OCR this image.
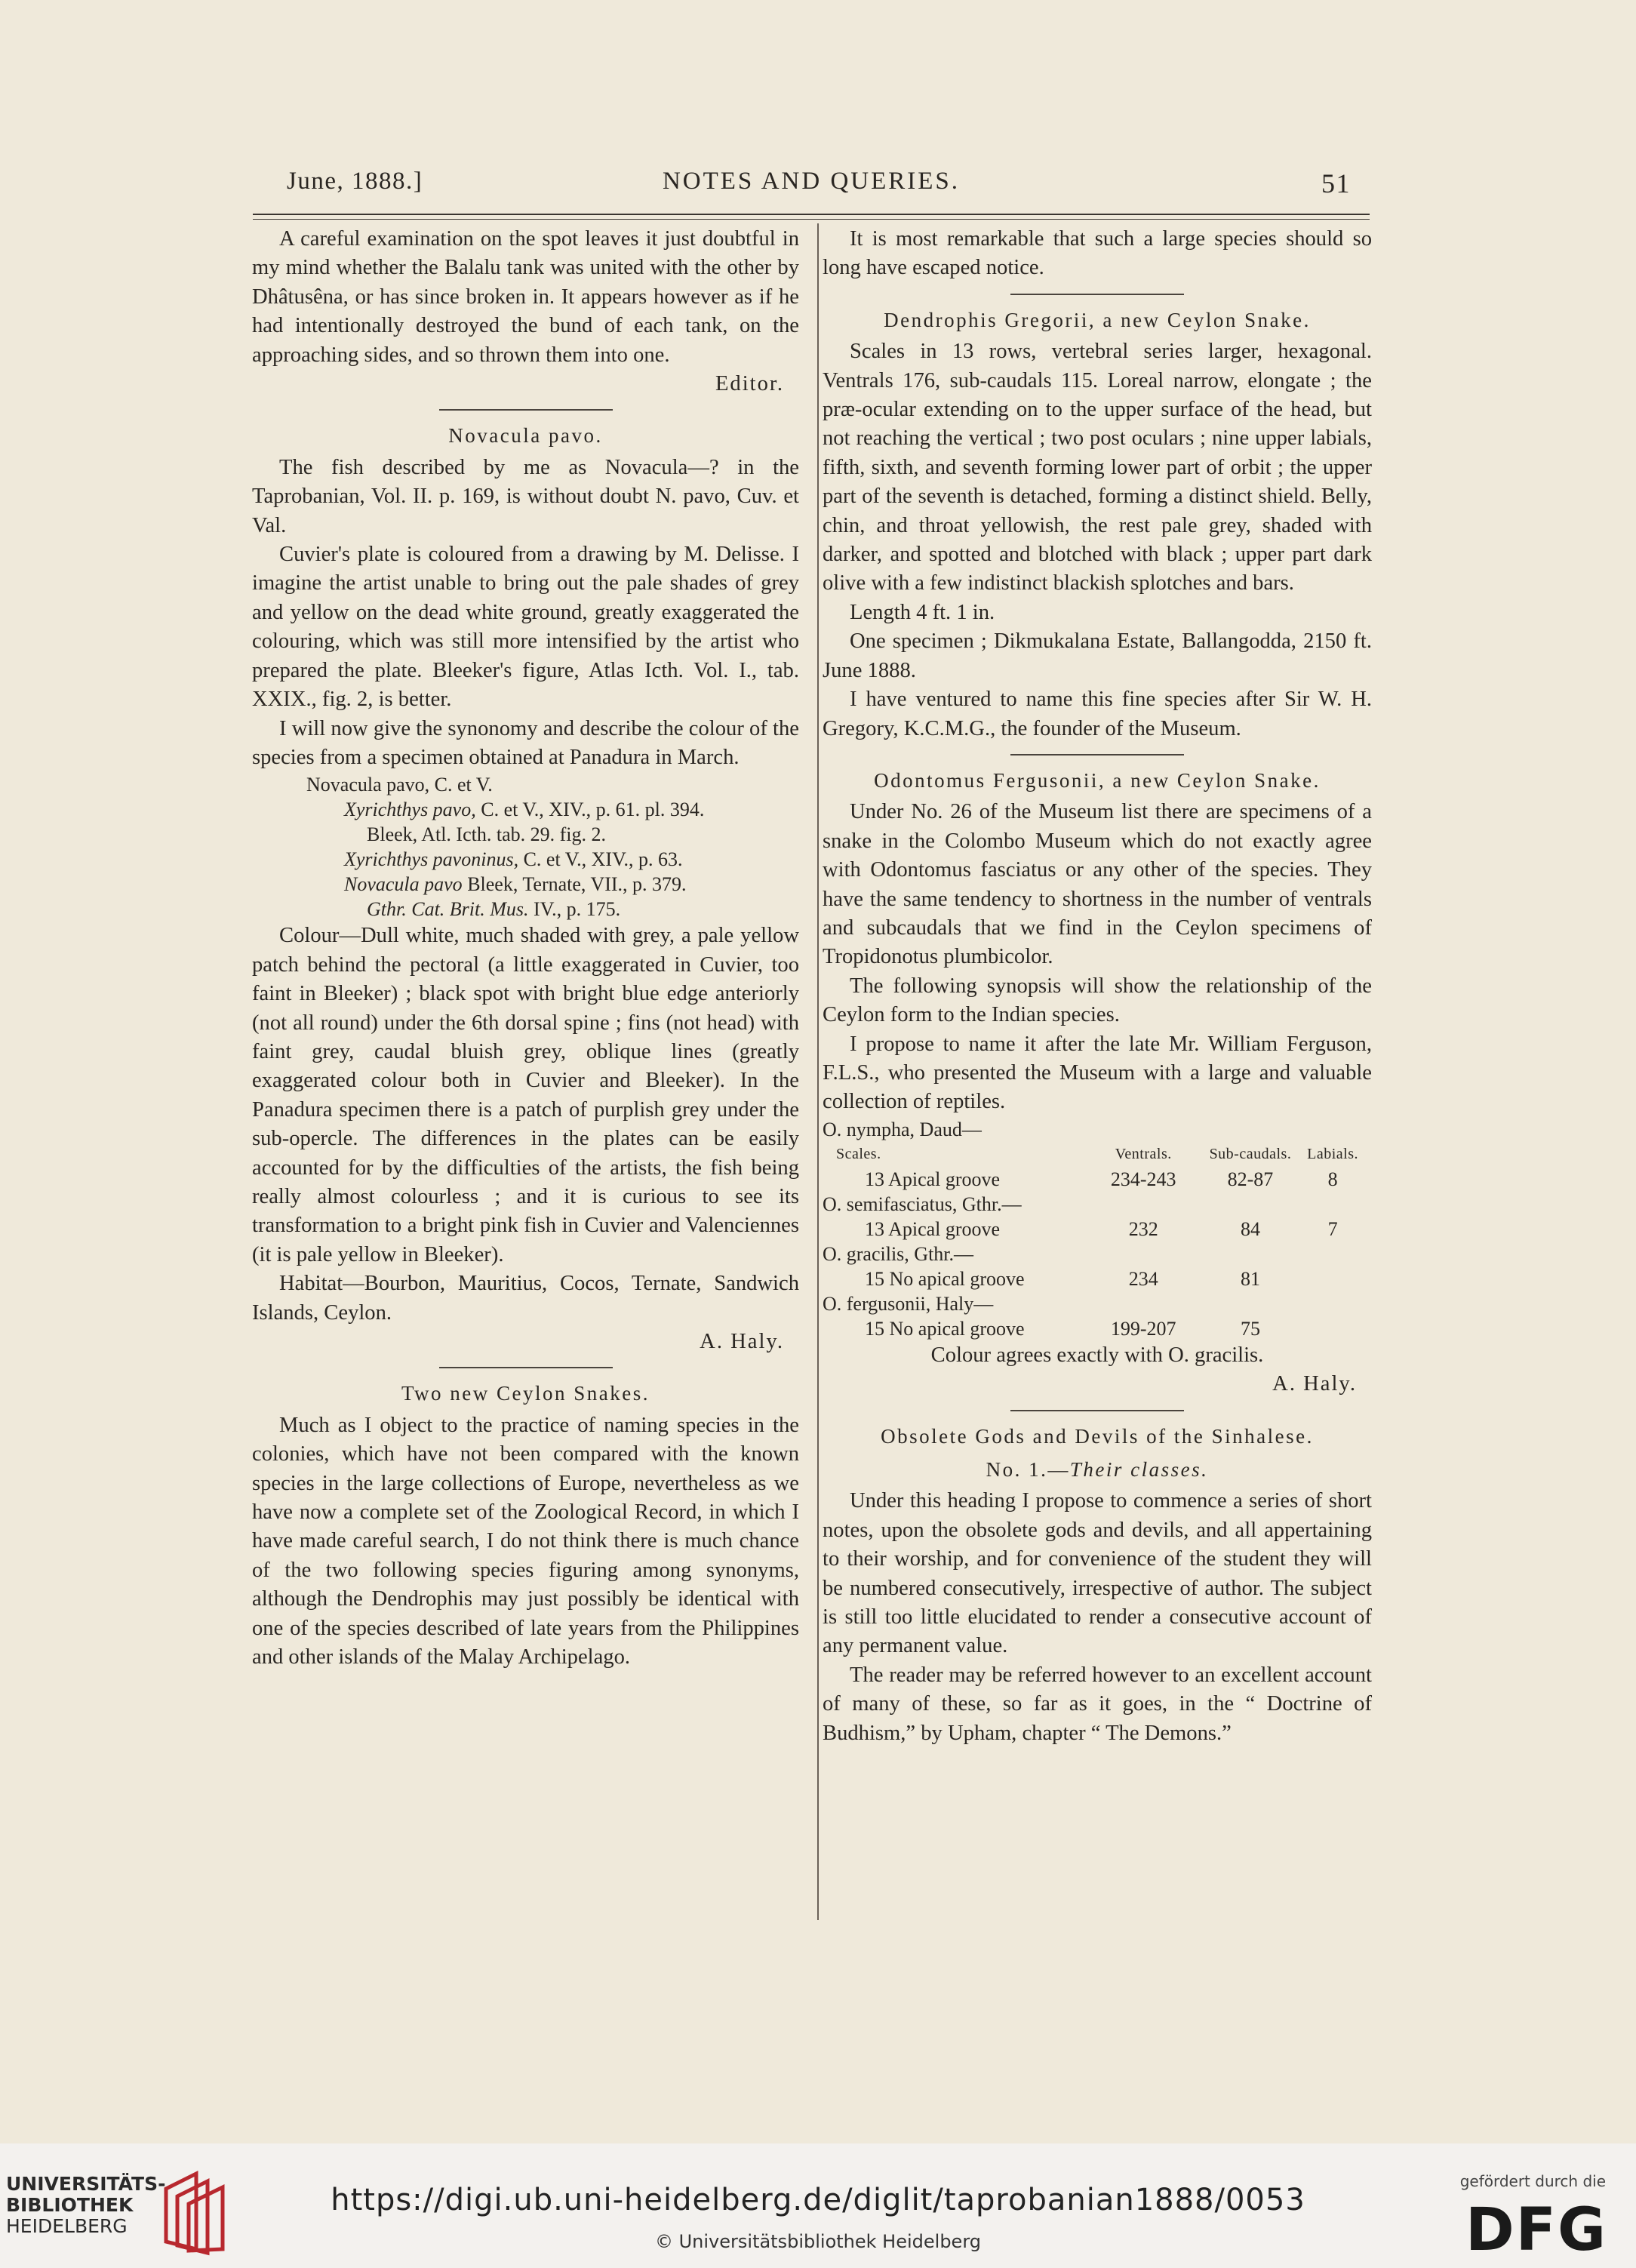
June, 1888.]	NOTES AND QUERIES.	51

A careful examination on the spot leaves it just doubtful in my mind whether the Balalu tank was united with the other by Dhâtusêna, or has since broken in. It appears however as if he had intentionally destroyed the bund of each tank, on the approaching sides, and so thrown them into one.

Editor.
Novacula pavo.

The fish described by me as Novacula—? in the Taprobanian, Vol. II. p. 169, is without doubt N. pavo, Cuv. et Val.

Cuvier's plate is coloured from a drawing by M. Delisse. I imagine the artist unable to bring out the pale shades of grey and yellow on the dead white ground, greatly exaggerated the colouring, which was still more intensified by the artist who prepared the plate. Bleeker's figure, Atlas Icth. Vol. I., tab. XXIX., fig. 2, is better.

I will now give the synonomy and describe the colour of the species from a specimen obtained at Panadura in March.

Novacula pavo, C. et V.

Xyrichthys pavo, C. et V., XIV., p. 61. pl. 394.

Bleek, Atl. Icth. tab. 29. fig. 2.

Xyrichthys pavoninus, C. et V., XIV., p. 63.

Novacula pavo Bleek, Ternate, VII., p. 379.

Gthr. Cat. Brit. Mus. IV., p. 175.

Colour—Dull white, much shaded with grey, a pale yellow patch behind the pectoral (a little exaggerated in Cuvier, too faint in Bleeker) ; black spot with bright blue edge anteriorly (not all round) under the 6th dorsal spine ; fins (not head) with faint grey, caudal bluish grey, oblique lines (greatly exaggerated colour both in Cuvier and Bleeker). In the Panadura specimen there is a patch of purplish grey under the sub-opercle. The differences in the plates can be easily accounted for by the difficulties of the artists, the fish being really almost colourless ; and it is curious to see its transformation to a bright pink fish in Cuvier and Valenciennes (it is pale yellow in Bleeker).

Habitat—Bourbon, Mauritius, Cocos, Ternate, Sandwich Islands, Ceylon.

A. Haly.
Two new Ceylon Snakes.

Much as I object to the practice of naming species in the colonies, which have not been compared with the known species in the large collections of Europe, nevertheless as we have now a complete set of the Zoological Record, in which I have made careful search, I do not think there is much chance of the two following species figuring among synonyms, although the Dendrophis may just possibly be identical with one of the species described of late years from the Philippines and other islands of the Malay Archipelago.

It is most remarkable that such a large species should so long have escaped notice.

Dendrophis Gregorii, a new Ceylon Snake.

Scales in 13 rows, vertebral series larger, hexagonal. Ventrals 176, sub-caudals 115. Loreal narrow, elongate ; the præ-ocular extending on to the upper surface of the head, but not reaching the vertical ; two post oculars ; nine upper labials, fifth, sixth, and seventh forming lower part of orbit ; the upper part of the seventh is detached, forming a distinct shield. Belly, chin, and throat yellowish, the rest pale grey, shaded with darker, and spotted and blotched with black ; upper part dark olive with a few indistinct blackish splotches and bars.

Length 4 ft. 1 in.

One specimen ; Dikmukalana Estate, Ballangodda, 2150 ft. June 1888.

I have ventured to name this fine species after Sir W. H. Gregory, K.C.M.G., the founder of the Museum.

Odontomus Fergusonii, a new Ceylon Snake.

Under No. 26 of the Museum list there are specimens of a snake in the Colombo Museum which do not exactly agree with Odontomus fasciatus or any other of the species. They have the same tendency to shortness in the number of ventrals and subcaudals that we find in the Ceylon specimens of Tropidonotus plumbicolor.

The following synopsis will show the relationship of the Ceylon form to the Indian species.

I propose to name it after the late Mr. William Ferguson, F.L.S., who presented the Museum with a large and valuable collection of reptiles.

O. nympha, Daud—			
Scales.	Ventrals.	Sub-caudals.	Labials.
13 Apical groove	234-243	82-87	8
O. semifasciatus, Gthr.—			
13 Apical groove	232	84	7
O. gracilis, Gthr.—			
15 No apical groove	234	81	
O. fergusonii, Haly—			
15 No apical groove	199-207	75	

Colour agrees exactly with O. gracilis.

A. Haly.
Obsolete Gods and Devils of the Sinhalese.
No. 1.—Their classes.

Under this heading I propose to commence a series of short notes, upon the obsolete gods and devils, and all appertaining to their worship, and for convenience of the student they will be numbered consecutively, irrespective of author. The subject is still too little elucidated to render a consecutive account of any permanent value.

The reader may be referred however to an excellent account of many of these, so far as it goes, in the “ Doctrine of Budhism,” by Upham, chapter “ The Demons.”

UNIVERSITÄTS-
BIBLIOTHEK
HEIDELBERG
https://digi.ub.uni-heidelberg.de/diglit/taprobanian1888/0053
© Universitätsbibliothek Heidelberg
gefördert durch die
DFG
